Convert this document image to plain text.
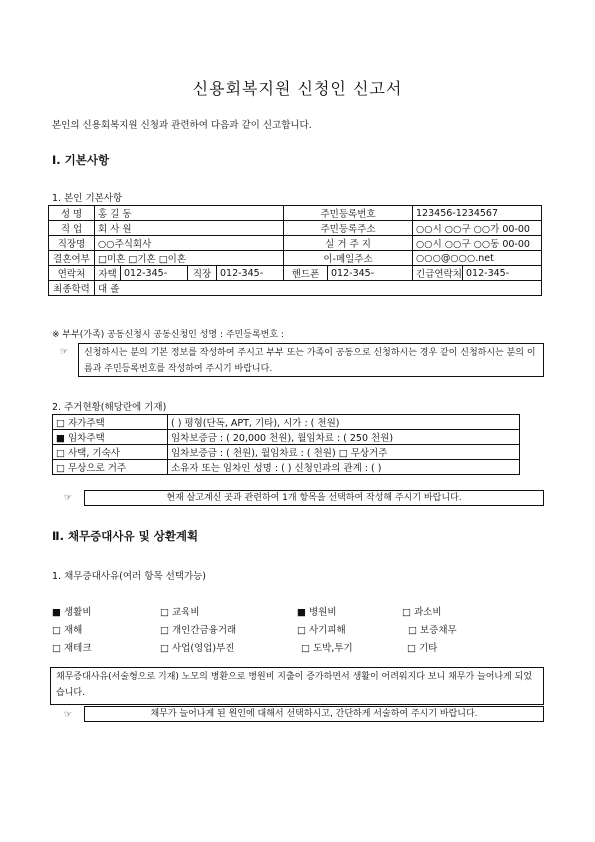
신용회복지원 신청인 신고서
본인의 신용회복지원 신청과 관련하여 다음과 같이 신고합니다.
Ⅰ. 기본사항
1. 본인 기본사항
성 명	홍 길 동				주민등록번호		123456-1234567	
직 업	회 사 원				주민등록주소		○○시 ○○구 ○○가 00-00	
직장명	○○주식회사				실 거 주 지		○○시 ○○구 ○○동 00-00	
결혼여부	□미혼 □기혼 □이혼				이-메일주소		○○○@○○○.net	
연락처	자택	012-345-	직장	012-345-	핸드폰	012-345-	긴급연락처	012-345-
최종학력	대 졸							
※ 부부(가족) 공동신청시 공동신청인 성명 : 주민등록번호 :
☞	신청하시는 분의 기본 정보를 작성하여 주시고 부부 또는 가족이 공동으로 신청하시는 경우 같이 신청하시는 분의 이름과 주민등록번호를 작성하여 주시기 바랍니다.
2. 주거현황(해당란에 기재)
□ 자가주택	( ) 평형(단독, APT, 기타), 시가 : ( 천원)
■ 임차주택	임차보증금 : ( 20,000 천원), 월임차료 : ( 250 천원)
□ 사택, 기숙사	임차보증금 : ( 천원), 월임차료 : ( 천원) □ 무상거주
□ 무상으로 거주	소유자 또는 임차인 성명 : ( ) 신청인과의 관계 : ( )
☞	현재 살고계신 곳과 관련하여 1개 항목을 선택하여 작성해 주시기 바랍니다.
Ⅱ. 채무증대사유 및 상환계획
1. 채무증대사유(여러 항목 선택가능)
■ 생활비	□ 교육비	■ 병원비	□ 과소비
□ 재해	□ 개인간금융거래	□ 사기피해	□ 보증채무
□ 재테크	□ 사업(영업)부진	□ 도박,투기	□ 기타
채무증대사유(서술형으로 기재) 노모의 병환으로 병원비 지출이 증가하면서 생활이 어려워지다 보니 채무가 늘어나게 되었습니다.
☞	채무가 늘어나게 된 원인에 대해서 선택하시고, 간단하게 서술하여 주시기 바랍니다.
